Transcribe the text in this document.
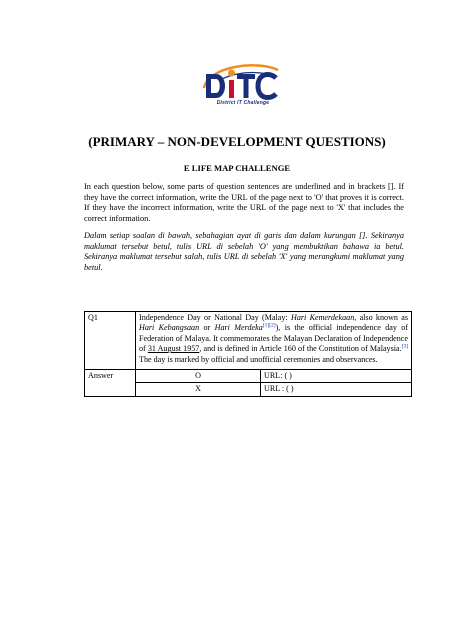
District IT Challenge
(PRIMARY – NON-DEVELOPMENT QUESTIONS)
E LIFE MAP CHALLENGE
In each question below, some parts of question sentences are underlined and in brackets []. If they have the correct information, write the URL of the page next to 'O' that proves it is correct. If they have the incorrect information, write the URL of the page next to 'X' that includes the correct information.
Dalam setiap soalan di bawah, sebahagian ayat di garis dan dalam kurungan []. Sekiranya maklumat tersebut betul, tulis URL di sebelah 'O' yang membuktikan bahawa ia betul. Sekiranya maklumat tersebut salah, tulis URL di sebelah 'X' yang merangkumi maklumat yang betul.
Q1	Independence Day or National Day (Malay: Hari Kemerdekaan, also known as Hari Kebangsaan or Hari Merdeka[1][2]), is the official independence day of Federation of Malaya. It commemorates the Malayan Declaration of Independence of 31 August 1957, and is defined in Article 160 of the Constitution of Malaysia.[3] The day is marked by official and unofficial ceremonies and observances.	
Answer	O	URL: ( )
	X	URL : ( )
